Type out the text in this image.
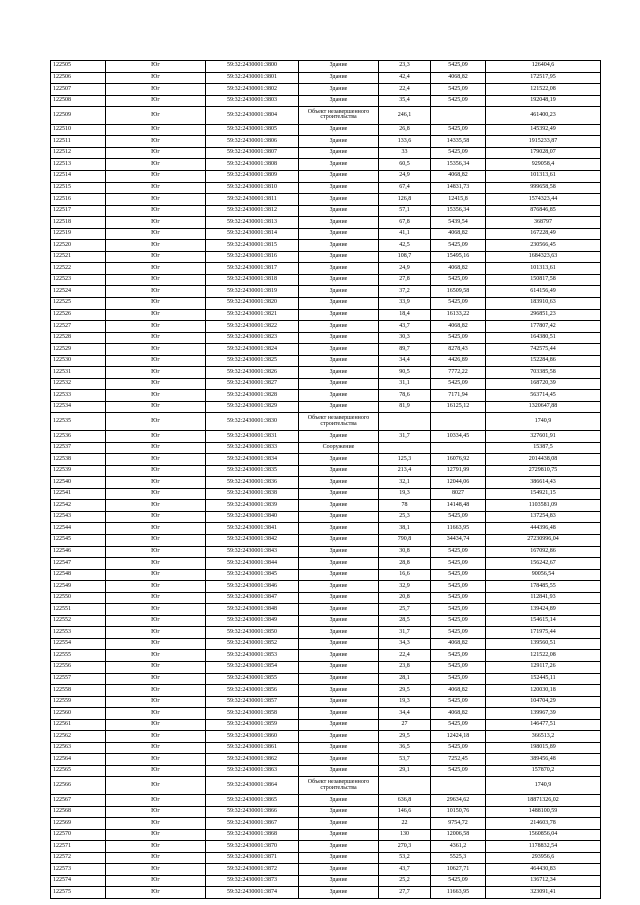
122505	Юг	59:32:2430001:3800	Здание	23,3	5425,09	126404,6
122506	Юг	59:32:2430001:3801	Здание	42,4	4068,82	172517,95
122507	Юг	59:32:2430001:3802	Здание	22,4	5425,09	121522,08
122508	Юг	59:32:2430001:3803	Здание	35,4	5425,09	192048,19
122509	Юг	59:32:2430001:3804	Объект незавершенного строительства	246,1		461400,23
122510	Юг	59:32:2430001:3805	Здание	26,8	5425,09	145392,49
122511	Юг	59:32:2430001:3806	Здание	133,6	14335,58	1915233,87
122512	Юг	59:32:2430001:3807	Здание	33	5425,09	179028,07
122513	Юг	59:32:2430001:3808	Здание	60,5	15356,34	929058,4
122514	Юг	59:32:2430001:3809	Здание	24,9	4068,82	101313,61
122515	Юг	59:32:2430001:3810	Здание	67,4	14831,73	999658,58
122516	Юг	59:32:2430001:3811	Здание	126,8	12415,8	1574323,44
122517	Юг	59:32:2430001:3812	Здание	57,1	15356,34	876846,85
122518	Юг	59:32:2430001:3813	Здание	67,8	5439,54	368797
122519	Юг	59:32:2430001:3814	Здание	41,1	4068,82	167228,49
122520	Юг	59:32:2430001:3815	Здание	42,5	5425,09	230566,45
122521	Юг	59:32:2430001:3816	Здание	108,7	15495,16	1684323,63
122522	Юг	59:32:2430001:3817	Здание	24,9	4068,82	101313,61
122523	Юг	59:32:2430001:3818	Здание	27,8	5425,09	150817,58
122524	Юг	59:32:2430001:3819	Здание	37,2	16509,58	614156,49
122525	Юг	59:32:2430001:3820	Здание	33,9	5425,09	183910,63
122526	Юг	59:32:2430001:3821	Здание	18,4	16133,22	296851,23
122527	Юг	59:32:2430001:3822	Здание	43,7	4068,82	177807,42
122528	Юг	59:32:2430001:3823	Здание	30,3	5425,09	164380,51
122529	Юг	59:32:2430001:3824	Здание	89,7	8278,43	742575,44
122530	Юг	59:32:2430001:3825	Здание	34,4	4426,89	152284,86
122531	Юг	59:32:2430001:3826	Здание	90,5	7772,22	703385,58
122532	Юг	59:32:2430001:3827	Здание	31,1	5425,09	168720,39
122533	Юг	59:32:2430001:3828	Здание	78,6	7171,94	563714,45
122534	Юг	59:32:2430001:3829	Здание	81,9	16125,12	1320647,88
122535	Юг	59:32:2430001:3830	Объект незавершенного строительства			1740,9
122536	Юг	59:32:2430001:3831	Здание	31,7	10334,45	327601,91
122537	Юг	59:32:2430001:3833	Сооружение			15387,5
122538	Юг	59:32:2430001:3834	Здание	125,3	16076,92	2014438,08
122539	Юг	59:32:2430001:3835	Здание	213,4	12791,99	2729810,75
122540	Юг	59:32:2430001:3836	Здание	32,1	12044,06	386614,43
122541	Юг	59:32:2430001:3838	Здание	19,3	8027	154921,15
122542	Юг	59:32:2430001:3839	Здание	78	14148,48	1103581,09
122543	Юг	59:32:2430001:3840	Здание	25,3	5425,09	137254,83
122544	Юг	59:32:2430001:3841	Здание	38,1	11663,95	444396,48
122545	Юг	59:32:2430001:3842	Здание	790,8	34434,74	27230996,04
122546	Юг	59:32:2430001:3843	Здание	30,8	5425,09	167092,86
122547	Юг	59:32:2430001:3844	Здание	28,8	5425,09	156242,67
122548	Юг	59:32:2430001:3845	Здание	16,6	5425,09	90056,54
122549	Юг	59:32:2430001:3846	Здание	32,9	5425,09	178485,55
122550	Юг	59:32:2430001:3847	Здание	20,8	5425,09	112841,93
122551	Юг	59:32:2430001:3848	Здание	25,7	5425,09	139424,89
122552	Юг	59:32:2430001:3849	Здание	28,5	5425,09	154615,14
122553	Юг	59:32:2430001:3850	Здание	31,7	5425,09	171975,44
122554	Юг	59:32:2430001:3852	Здание	34,3	4068,82	139560,51
122555	Юг	59:32:2430001:3853	Здание	22,4	5425,09	121522,08
122556	Юг	59:32:2430001:3854	Здание	23,8	5425,09	129117,26
122557	Юг	59:32:2430001:3855	Здание	28,1	5425,09	152445,11
122558	Юг	59:32:2430001:3856	Здание	29,5	4068,82	120030,18
122559	Юг	59:32:2430001:3857	Здание	19,3	5425,09	104704,29
122560	Юг	59:32:2430001:3858	Здание	34,4	4068,82	139967,39
122561	Юг	59:32:2430001:3859	Здание	27	5425,09	146477,51
122562	Юг	59:32:2430001:3860	Здание	29,5	12424,18	366513,2
122563	Юг	59:32:2430001:3861	Здание	36,5	5425,09	198015,89
122564	Юг	59:32:2430001:3862	Здание	53,7	7252,45	389456,48
122565	Юг	59:32:2430001:3863	Здание	29,1	5425,09	157870,2
122566	Юг	59:32:2430001:3864	Объект незавершенного строительства			1740,9
122567	Юг	59:32:2430001:3865	Здание	636,8	29634,62	18871326,02
122568	Юг	59:32:2430001:3866	Здание	146,6	10150,76	1488100,59
122569	Юг	59:32:2430001:3867	Здание	22	9754,72	214603,78
122570	Юг	59:32:2430001:3868	Здание	130	12006,58	1560856,04
122571	Юг	59:32:2430001:3870	Здание	270,3	4361,2	1178832,54
122572	Юг	59:32:2430001:3871	Здание	53,2	5525,3	293956,6
122573	Юг	59:32:2430001:3872	Здание	43,7	10627,71	464430,83
122574	Юг	59:32:2430001:3873	Здание	25,2	5425,09	136712,34
122575	Юг	59:32:2430001:3874	Здание	27,7	11663,95	323091,41
